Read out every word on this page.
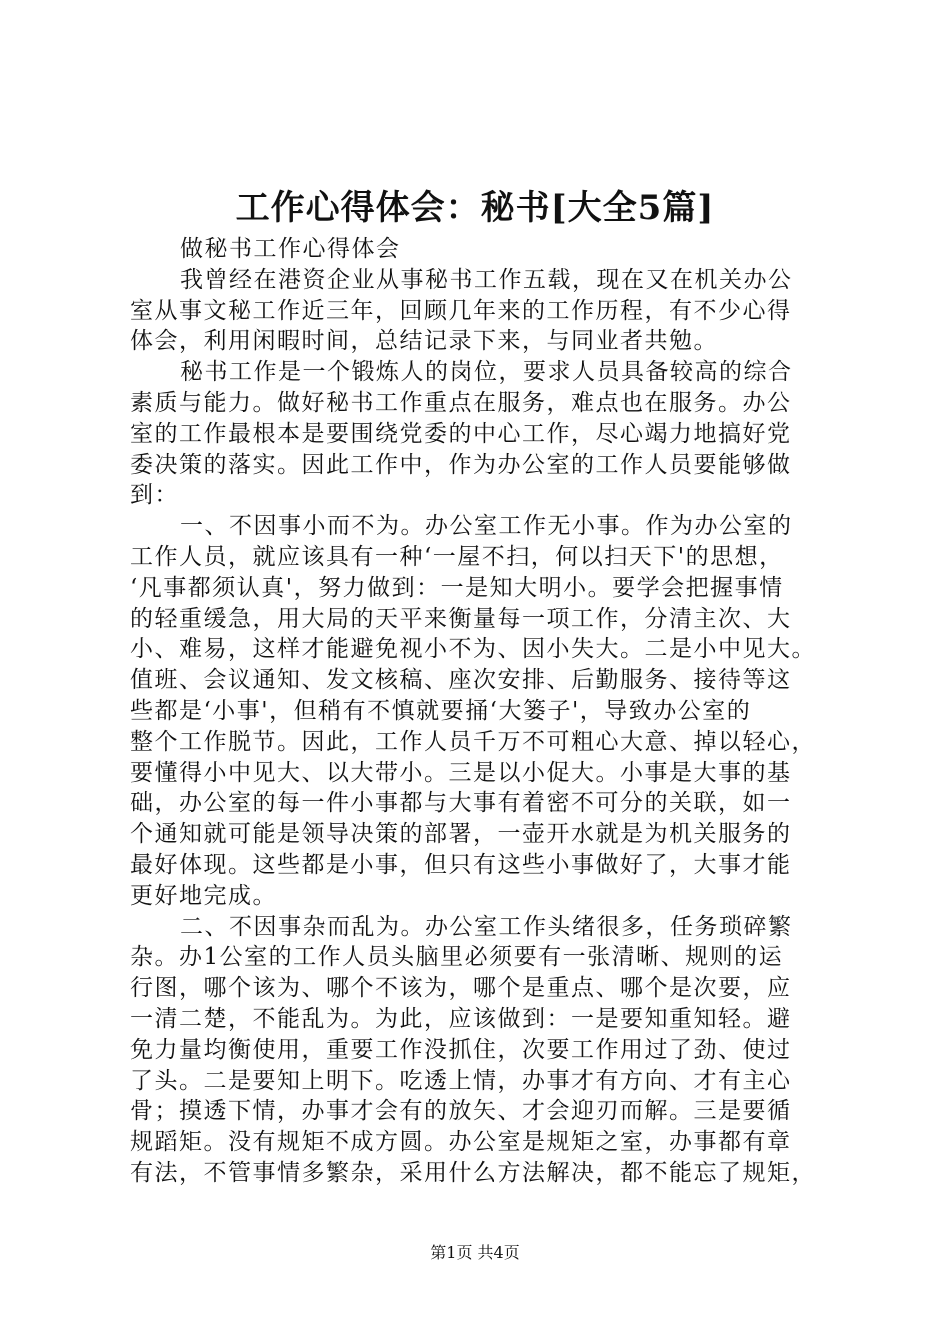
工作心得体会：秘书[大全5篇]
做秘书工作心得体会
我曾经在港资企业从事秘书工作五载，现在又在机关办公
室从事文秘工作近三年，回顾几年来的工作历程，有不少心得
体会，利用闲暇时间，总结记录下来，与同业者共勉。
秘书工作是一个锻炼人的岗位，要求人员具备较高的综合
素质与能力。做好秘书工作重点在服务，难点也在服务。办公
室的工作最根本是要围绕党委的中心工作，尽心竭力地搞好党
委决策的落实。因此工作中，作为办公室的工作人员要能够做
到：
一、不因事小而不为。办公室工作无小事。作为办公室的
工作人员，就应该具有一种‘一屋不扫，何以扫天下'的思想，
‘凡事都须认真'，努力做到：一是知大明小。要学会把握事情
的轻重缓急，用大局的天平来衡量每一项工作，分清主次、大
小、难易，这样才能避免视小不为、因小失大。二是小中见大。
值班、会议通知、发文核稿、座次安排、后勤服务、接待等这
些都是‘小事'，但稍有不慎就要捅‘大篓子'，导致办公室的
整个工作脱节。因此，工作人员千万不可粗心大意、掉以轻心，
要懂得小中见大、以大带小。三是以小促大。小事是大事的基
础，办公室的每一件小事都与大事有着密不可分的关联，如一
个通知就可能是领导决策的部署，一壶开水就是为机关服务的
最好体现。这些都是小事，但只有这些小事做好了，大事才能
更好地完成。
二、不因事杂而乱为。办公室工作头绪很多，任务琐碎繁
杂。办1公室的工作人员头脑里必须要有一张清晰、规则的运
行图，哪个该为、哪个不该为，哪个是重点、哪个是次要，应
一清二楚，不能乱为。为此，应该做到：一是要知重知轻。避
免力量均衡使用，重要工作没抓住，次要工作用过了劲、使过
了头。二是要知上明下。吃透上情，办事才有方向、才有主心
骨；摸透下情，办事才会有的放矢、才会迎刃而解。三是要循
规蹈矩。没有规矩不成方圆。办公室是规矩之室，办事都有章
有法，不管事情多繁杂，采用什么方法解决，都不能忘了规矩，
第1页 共4页
